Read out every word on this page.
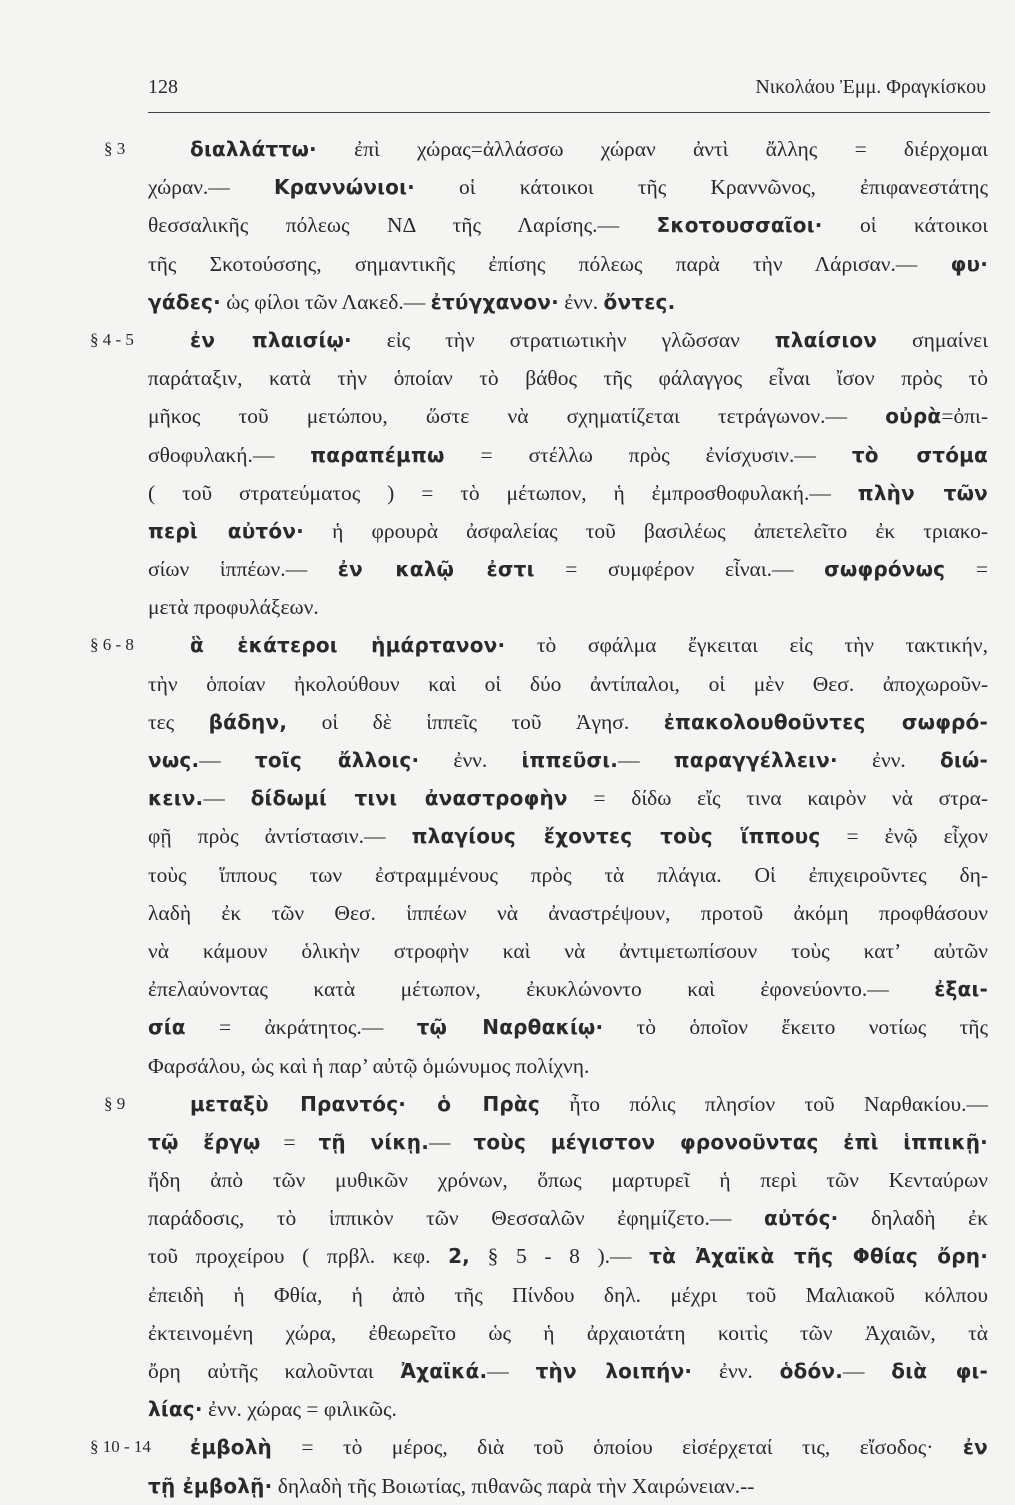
128	Νικολάου Ἐμμ. Φραγκίσκου
§ 3	διαλλάττω· ἐπὶ χώρας=ἀλλάσσω χώραν ἀντὶ ἄλλης = διέρχομαι
χώραν.— Κραννώνιοι· οἱ κάτοικοι τῆς Κραννῶνος, ἐπιφανεστάτης
θεσσαλικῆς πόλεως ΝΔ τῆς Λαρίσης.— Σκοτουσσαῖοι· οἱ κάτοικοι
τῆς Σκοτούσσης, σημαντικῆς ἐπίσης πόλεως παρὰ τὴν Λάρισαν.— φυ·
γάδες· ὡς φίλοι τῶν Λακεδ.— ἐτύγχανον· ἐνν. ὄντες.
§ 4 - 5	ἐν πλαισίῳ· εἰς τὴν στρατιωτικὴν γλῶσσαν πλαίσιον σημαίνει
παράταξιν, κατὰ τὴν ὁποίαν τὸ βάθος τῆς φάλαγγος εἶναι ἴσον πρὸς τὸ
μῆκος τοῦ μετώπου, ὥστε νὰ σχηματίζεται τετράγωνον.— οὐρὰ=ὀπι-
σθοφυλακή.— παραπέμπω = στέλλω πρὸς ἐνίσχυσιν.— τὸ στόμα
( τοῦ στρατεύματος ) = τὸ μέτωπον, ἡ ἐμπροσθοφυλακή.— πλὴν τῶν
περὶ αὐτόν· ἡ φρουρὰ ἀσφαλείας τοῦ βασιλέως ἀπετελεῖτο ἐκ τριακο-
σίων ἱππέων.— ἐν καλῷ ἐστι = συμφέρον εἶναι.— σωφρόνως =
μετὰ προφυλάξεων.
§ 6 - 8	ἃ ἑκάτεροι ἡμάρτανον· τὸ σφάλμα ἔγκειται εἰς τὴν τακτικήν,
τὴν ὁποίαν ἠκολούθουν καὶ οἱ δύο ἀντίπαλοι, οἱ μὲν Θεσ. ἀποχωροῦν-
τες βάδην, οἱ δὲ ἱππεῖς τοῦ Ἀγησ. ἐπακολουθοῦντες σωφρό-
νως.— τοῖς ἄλλοις· ἐνν. ἱππεῦσι.— παραγγέλλειν· ἐνν. διώ-
κειν.— δίδωμί τινι ἀναστροφὴν = δίδω εἴς τινα καιρὸν νὰ στρα-
φῇ πρὸς ἀντίστασιν.— πλαγίους ἔχοντες τοὺς ἵππους = ἐνῷ εἶχον
τοὺς ἵππους των ἐστραμμένους πρὸς τὰ πλάγια. Οἱ ἐπιχειροῦντες δη-
λαδὴ ἐκ τῶν Θεσ. ἱππέων νὰ ἀναστρέψουν, προτοῦ ἀκόμη προφθάσουν
νὰ κάμουν ὁλικὴν στροφὴν καὶ νὰ ἀντιμετωπίσουν τοὺς κατ’ αὐτῶν
ἐπελαύνοντας κατὰ μέτωπον, ἐκυκλώνοντο καὶ ἐφονεύοντο.— ἐξαι-
σία = ἀκράτητος.— τῷ Ναρθακίῳ· τὸ ὁποῖον ἔκειτο νοτίως τῆς
Φαρσάλου, ὡς καὶ ἡ παρ’ αὐτῷ ὁμώνυμος πολίχνη.
§ 9	μεταξὺ Πραντός· ὁ Πρὰς ἦτο πόλις πλησίον τοῦ Ναρθακίου.—
τῷ ἔργῳ = τῇ νίκῃ.— τοὺς μέγιστον φρονοῦντας ἐπὶ ἱππικῇ·
ἤδη ἀπὸ τῶν μυθικῶν χρόνων, ὅπως μαρτυρεῖ ἡ περὶ τῶν Κενταύρων
παράδοσις, τὸ ἱππικὸν τῶν Θεσσαλῶν ἐφημίζετο.— αὐτός· δηλαδὴ ἐκ
τοῦ προχείρου ( πρβλ. κεφ. 2, § 5 - 8 ).— τὰ Ἀχαϊκὰ τῆς Φθίας ὄρη·
ἐπειδὴ ἡ Φθία, ἡ ἀπὸ τῆς Πίνδου δηλ. μέχρι τοῦ Μαλιακοῦ κόλπου
ἐκτεινομένη χώρα, ἐθεωρεῖτο ὡς ἡ ἀρχαιοτάτη κοιτὶς τῶν Ἀχαιῶν, τὰ
ὄρη αὐτῆς καλοῦνται Ἀχαϊκά.— τὴν λοιπήν· ἐνν. ὁδόν.— διὰ φι-
λίας· ἐνν. χώρας = φιλικῶς.
§ 10 - 14 ἐμβολὴ = τὸ μέρος, διὰ τοῦ ὁποίου εἰσέρχεταί τις, εἴσοδος· ἐν
τῇ ἐμβολῇ· δηλαδὴ τῆς Βοιωτίας, πιθανῶς παρὰ τὴν Χαιρώνειαν.--
